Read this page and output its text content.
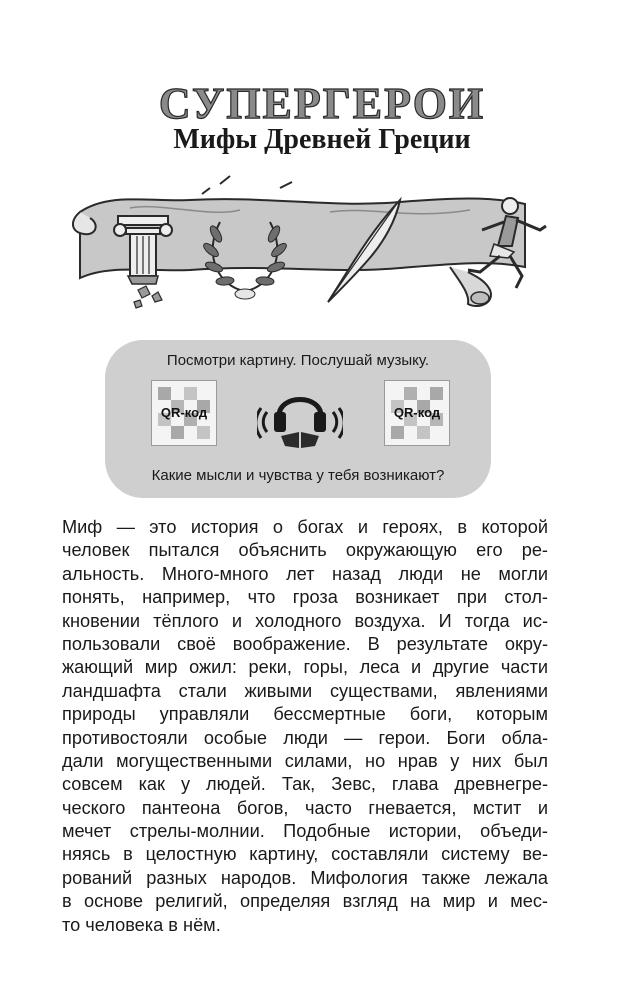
СУПЕРГЕРОИ
Мифы Древней Греции
Посмотри картину. Послушай музыку.
QR-код	QR-код
Какие мысли и чувства у тебя возникают?
Миф — это история о богах и героях, в которой
человек пытался объяснить окружающую его ре-
альность. Много-много лет назад люди не могли
понять, например, что гроза возникает при стол-
кновении тёплого и холодного воздуха. И тогда ис-
пользовали своё воображение. В результате окру-
жающий мир ожил: реки, горы, леса и другие части
ландшафта стали живыми существами, явлениями
природы управляли бессмертные боги, которым
противостояли особые люди — герои. Боги обла-
дали могущественными силами, но нрав у них был
совсем как у людей. Так, Зевс, глава древнегре-
ческого пантеона богов, часто гневается, мстит и
мечет стрелы-молнии. Подобные истории, объеди-
няясь в целостную картину, составляли систему ве-
рований разных народов. Мифология также лежала
в основе религий, определяя взгляд на мир и мес-
то человека в нём.
